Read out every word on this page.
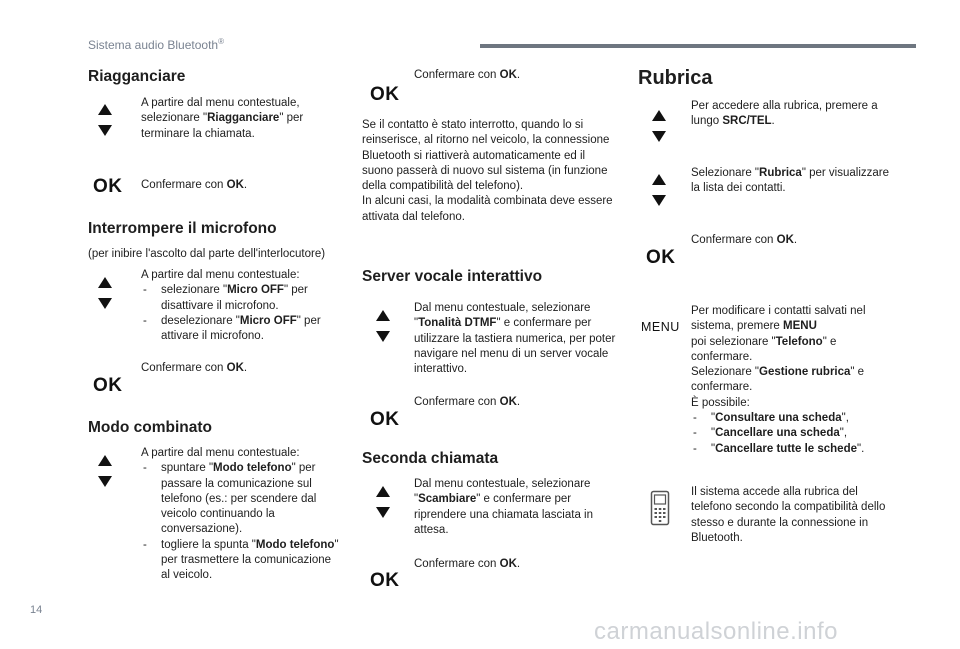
Sistema audio Bluetooth®
Riagganciare
A partire dal menu contestuale, selezionare "Riagganciare" per terminare la chiamata.
OK Confermare con OK.
Interrompere il microfono
(per inibire l'ascolto dal parte dell'interlocutore)
A partire dal menu contestuale:
- selezionare "Micro OFF" per disattivare il microfono.
- deselezionare "Micro OFF" per attivare il microfono.
Confermare con OK.
OK
Modo combinato
A partire dal menu contestuale:
- spuntare "Modo telefono" per passare la comunicazione sul telefono (es.: per scendere dal veicolo continuando la conversazione).
- togliere la spunta "Modo telefono" per trasmettere la comunicazione al veicolo.
Confermare con OK.
OK

Se il contatto è stato interrotto, quando lo si reinserisce, al ritorno nel veicolo, la connessione Bluetooth si riattiverà automaticamente ed il suono passerà di nuovo sul sistema (in funzione della compatibilità del telefono).

In alcuni casi, la modalità combinata deve essere attivata dal telefono.

Server vocale interattivo
Dal menu contestuale, selezionare "Tonalità DTMF" e confermare per utilizzare la tastiera numerica, per poter navigare nel menu di un server vocale interattivo.
Confermare con OK.
OK
Seconda chiamata
Dal menu contestuale, selezionare "Scambiare" e confermare per riprendere una chiamata lasciata in attesa.
Confermare con OK.
OK
Rubrica
Per accedere alla rubrica, premere a lungo SRC/TEL.
Selezionare "Rubrica" per visualizzare la lista dei contatti.
Confermare con OK.
OK
MENU
Per modificare i contatti salvati nel sistema, premere MENU
poi selezionare "Telefono" e confermare.
Selezionare "Gestione rubrica" e confermare.
È possibile:
- "Consultare una scheda",
- "Cancellare una scheda",
- "Cancellare tutte le schede".
Il sistema accede alla rubrica del telefono secondo la compatibilità dello stesso e durante la connessione in Bluetooth.
14
carmanualsonline.info
